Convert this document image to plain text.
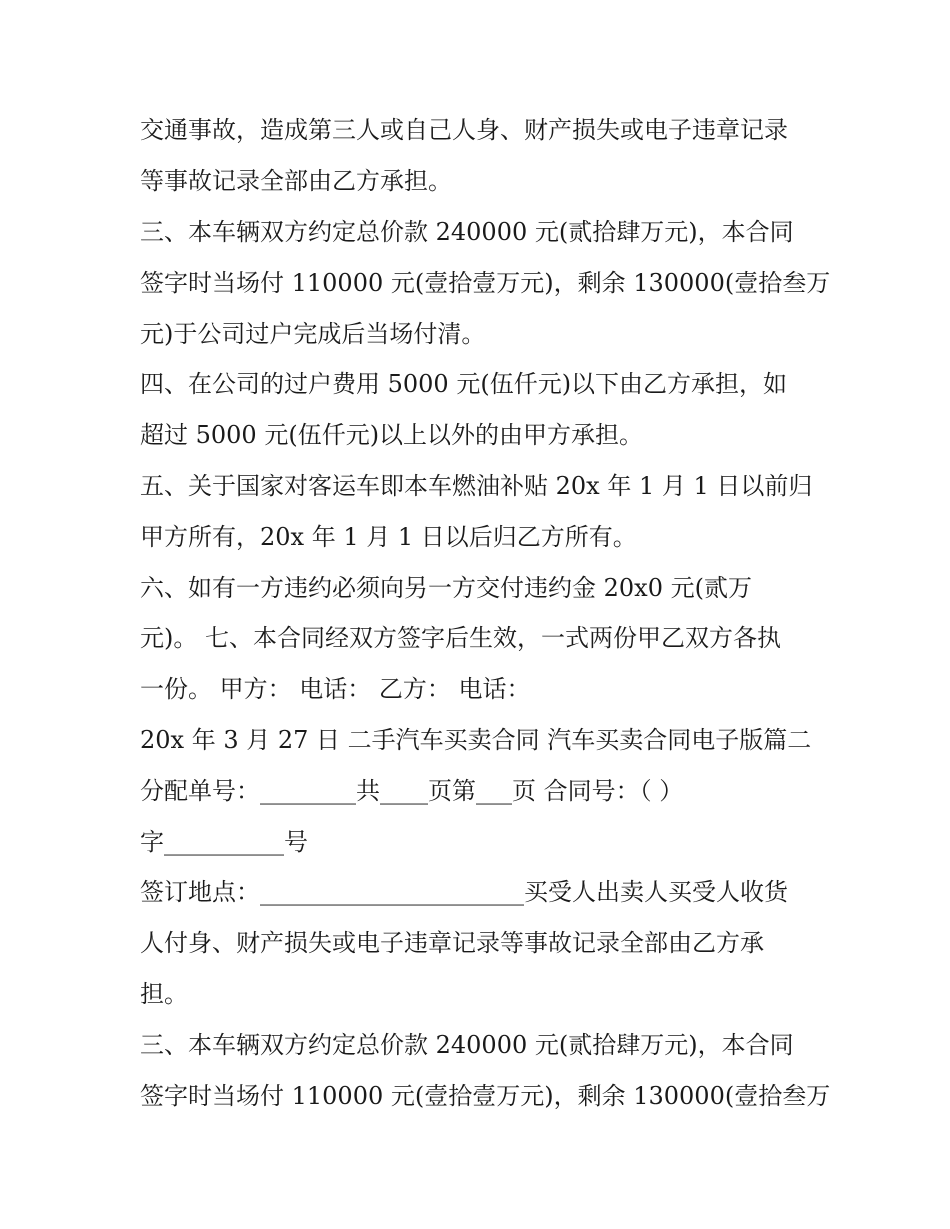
交通事故，造成第三人或自己人身、财产损失或电子违章记录

等事故记录全部由乙方承担。

三、本车辆双方约定总价款 240000 元(贰拾肆万元)，本合同

签字时当场付 110000 元(壹拾壹万元)，剩余 130000(壹拾叁万

元)于公司过户完成后当场付清。

四、在公司的过户费用 5000 元(伍仟元)以下由乙方承担，如

超过 5000 元(伍仟元)以上以外的由甲方承担。

五、关于国家对客运车即本车燃油补贴 20x 年 1 月 1 日以前归

甲方所有，20x 年 1 月 1 日以后归乙方所有。

六、如有一方违约必须向另一方交付违约金 20x0 元(贰万

元)。 七、本合同经双方签字后生效，一式两份甲乙双方各执

一份。 甲方： 电话： 乙方： 电话：

20x 年 3 月 27 日 二手汽车买卖合同 汽车买卖合同电子版篇二

分配单号：________共____页第___页 合同号：（ ）

字__________号

签订地点：______________________买受人出卖人买受人收货

人付身、财产损失或电子违章记录等事故记录全部由乙方承

担。

三、本车辆双方约定总价款 240000 元(贰拾肆万元)，本合同

签字时当场付 110000 元(壹拾壹万元)，剩余 130000(壹拾叁万
